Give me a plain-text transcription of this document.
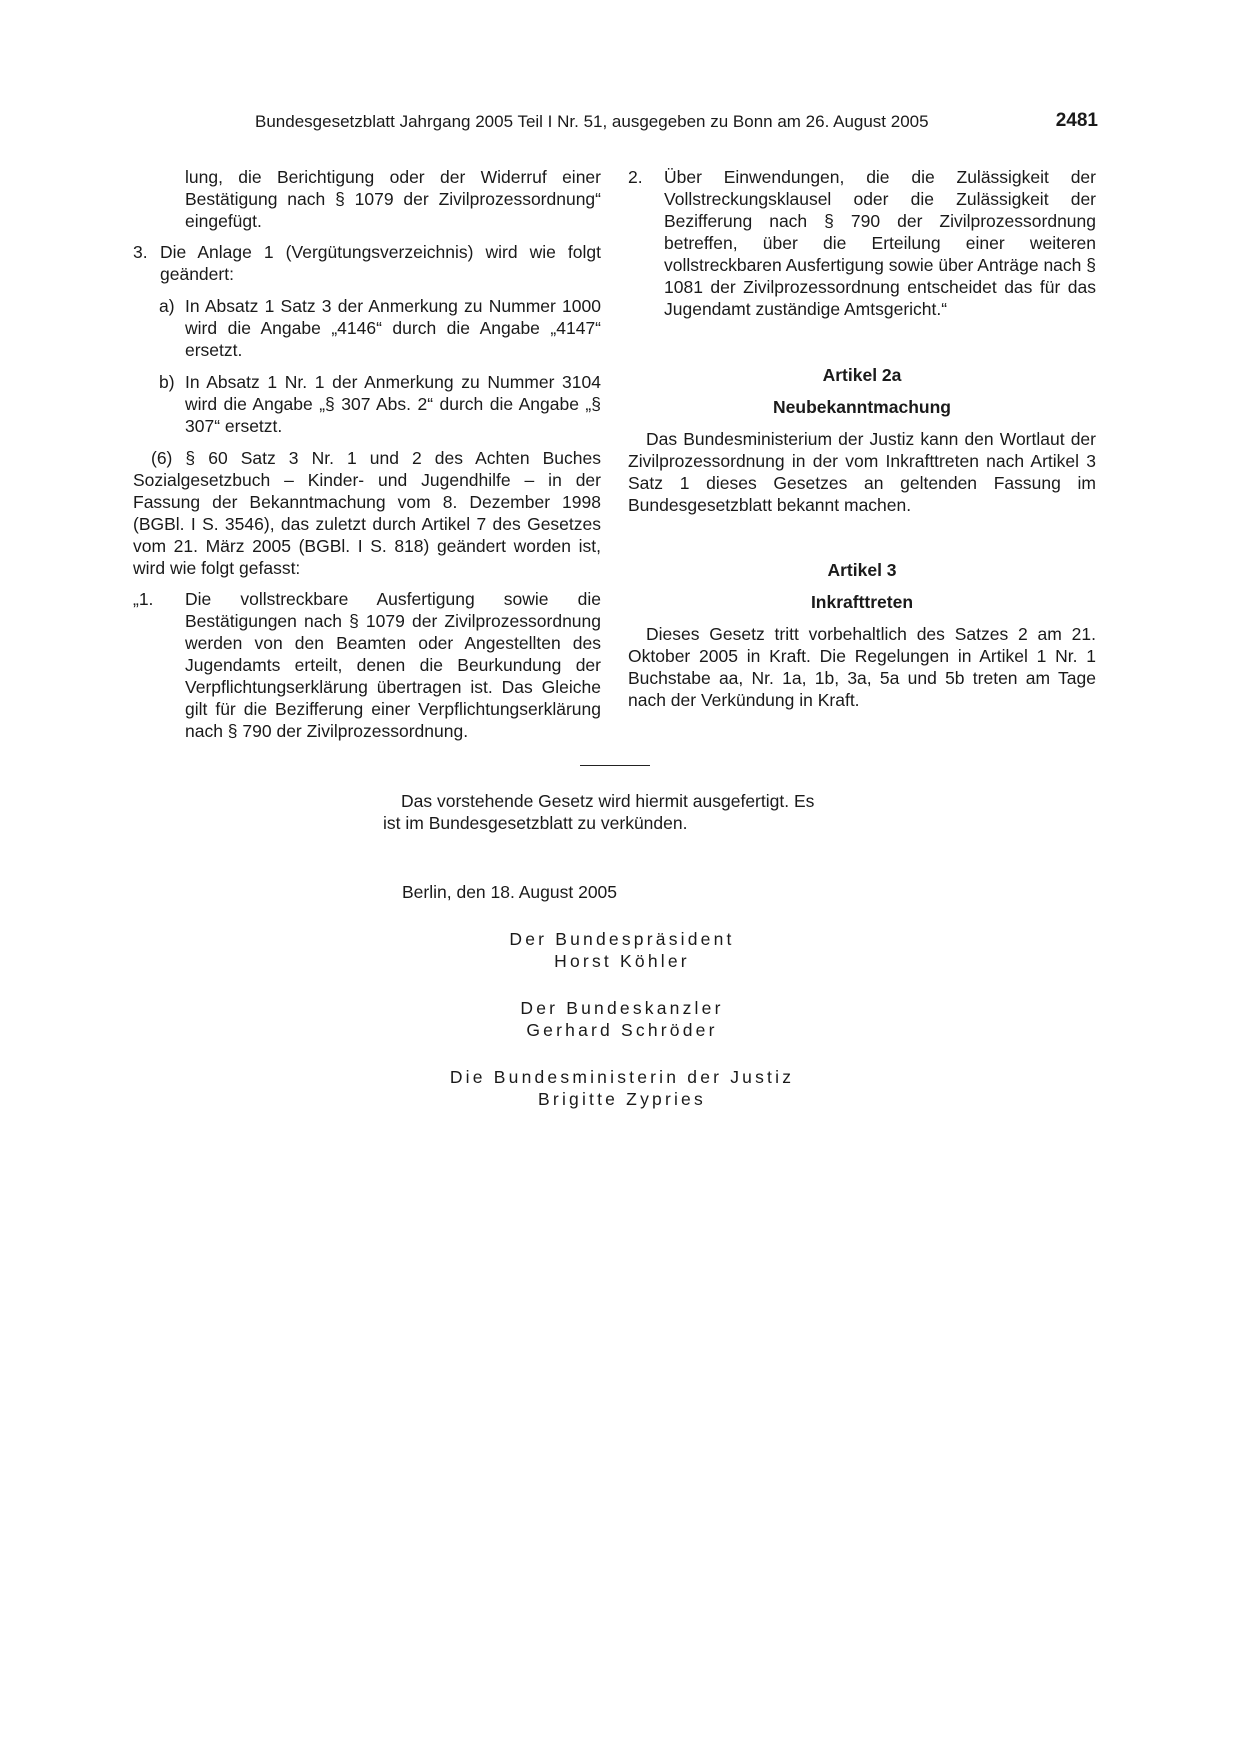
Bundesgesetzblatt Jahrgang 2005 Teil I Nr. 51, ausgegeben zu Bonn am 26. August 2005	2481

lung, die Berichtigung oder der Widerruf einer Bestätigung nach § 1079 der Zivilprozessordnung“ eingefügt.

3. Die Anlage 1 (Vergütungsverzeichnis) wird wie folgt geändert:

a) In Absatz 1 Satz 3 der Anmerkung zu Nummer 1000 wird die Angabe „4146“ durch die Angabe „4147“ ersetzt.

b) In Absatz 1 Nr. 1 der Anmerkung zu Nummer 3104 wird die Angabe „§ 307 Abs. 2“ durch die Angabe „§ 307“ ersetzt.

(6) § 60 Satz 3 Nr. 1 und 2 des Achten Buches Sozialgesetzbuch – Kinder- und Jugendhilfe – in der Fassung der Bekanntmachung vom 8. Dezember 1998 (BGBl. I S. 3546), das zuletzt durch Artikel 7 des Gesetzes vom 21. März 2005 (BGBl. I S. 818) geändert worden ist, wird wie folgt gefasst:

„1. Die vollstreckbare Ausfertigung sowie die Bestätigungen nach § 1079 der Zivilprozessordnung werden von den Beamten oder Angestellten des Jugendamts erteilt, denen die Beurkundung der Verpflichtungserklärung übertragen ist. Das Gleiche gilt für die Bezifferung einer Verpflichtungserklärung nach § 790 der Zivilprozessordnung.

2. Über Einwendungen, die die Zulässigkeit der Vollstreckungsklausel oder die Zulässigkeit der Bezifferung nach § 790 der Zivilprozessordnung betreffen, über die Erteilung einer weiteren vollstreckbaren Ausfertigung sowie über Anträge nach § 1081 der Zivilprozessordnung entscheidet das für das Jugendamt zuständige Amtsgericht.“

Artikel 2a

Neubekanntmachung

Das Bundesministerium der Justiz kann den Wortlaut der Zivilprozessordnung in der vom Inkrafttreten nach Artikel 3 Satz 1 dieses Gesetzes an geltenden Fassung im Bundesgesetzblatt bekannt machen.

Artikel 3

Inkrafttreten

Dieses Gesetz tritt vorbehaltlich des Satzes 2 am 21. Oktober 2005 in Kraft. Die Regelungen in Artikel 1 Nr. 1 Buchstabe aa, Nr. 1a, 1b, 3a, 5a und 5b treten am Tage nach der Verkündung in Kraft.

Das vorstehende Gesetz wird hiermit ausgefertigt. Es
ist im Bundesgesetzblatt zu verkünden.
Berlin, den 18. August 2005
Der Bundespräsident
Horst Köhler
Der Bundeskanzler
Gerhard Schröder
Die Bundesministerin der Justiz
Brigitte Zypries
